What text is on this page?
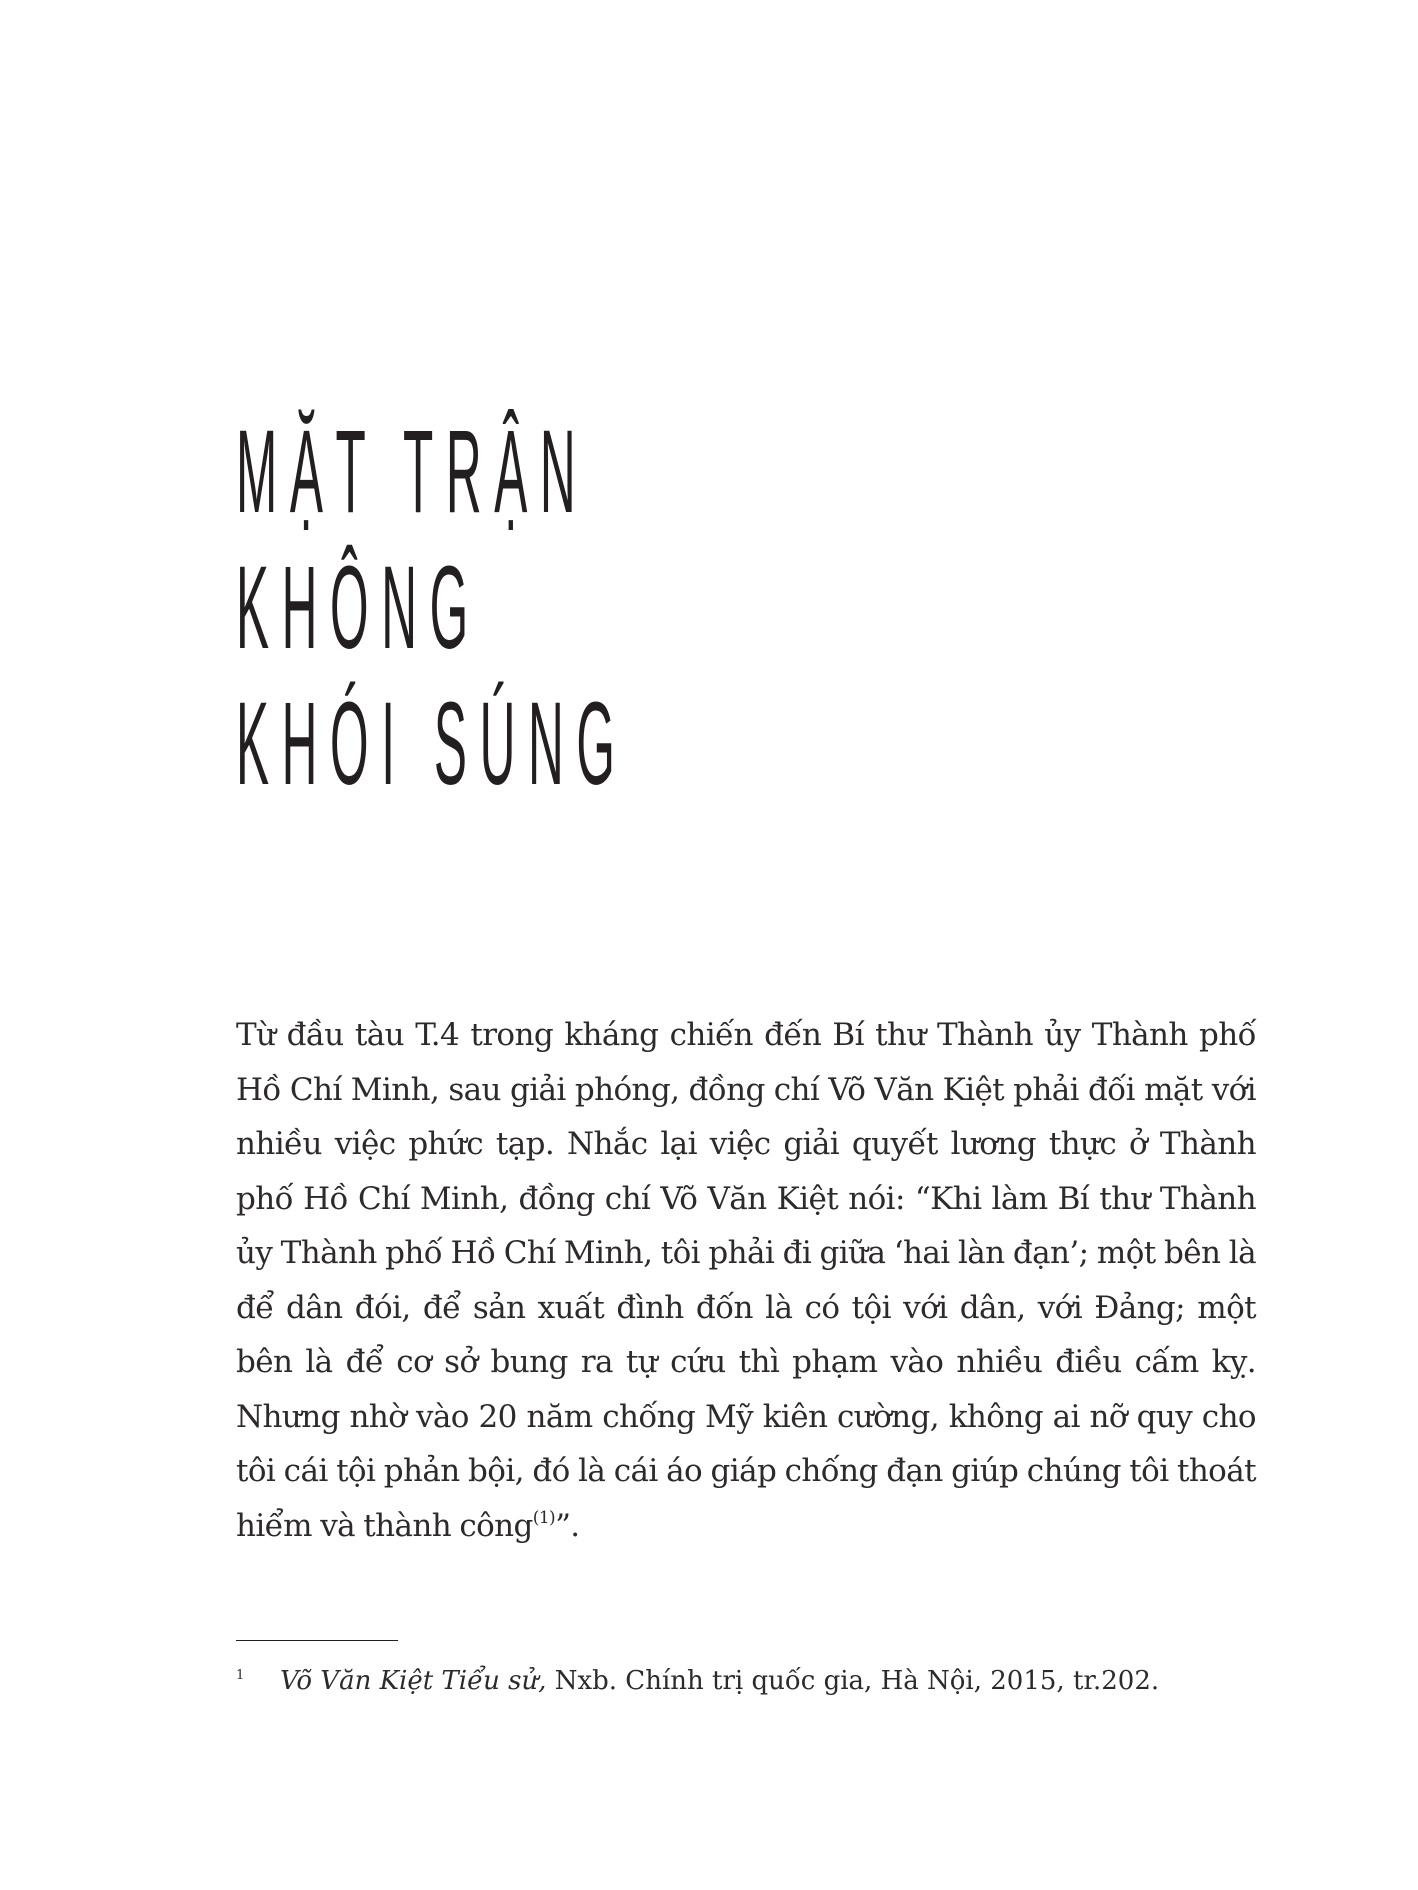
MẶT TRẬN
KHÔNG
KHÓI SÚNG

Từ đầu tàu T.4 trong kháng chiến đến Bí thư Thành ủy Thành phố Hồ Chí Minh, sau giải phóng, đồng chí Võ Văn Kiệt phải đối mặt với nhiều việc phức tạp. Nhắc lại việc giải quyết lương thực ở Thành phố Hồ Chí Minh, đồng chí Võ Văn Kiệt nói: “Khi làm Bí thư Thành ủy Thành phố Hồ Chí Minh, tôi phải đi giữa ‘hai làn đạn’; một bên là để dân đói, để sản xuất đình đốn là có tội với dân, với Đảng; một bên là để cơ sở bung ra tự cứu thì phạm vào nhiều điều cấm kỵ. Nhưng nhờ vào 20 năm chống Mỹ kiên cường, không ai nỡ quy cho tôi cái tội phản bội, đó là cái áo giáp chống đạn giúp chúng tôi thoát hiểm và thành công$^{(1)}$”.

1 Võ Văn Kiệt Tiểu sử, Nxb. Chính trị quốc gia, Hà Nội, 2015, tr.202.
